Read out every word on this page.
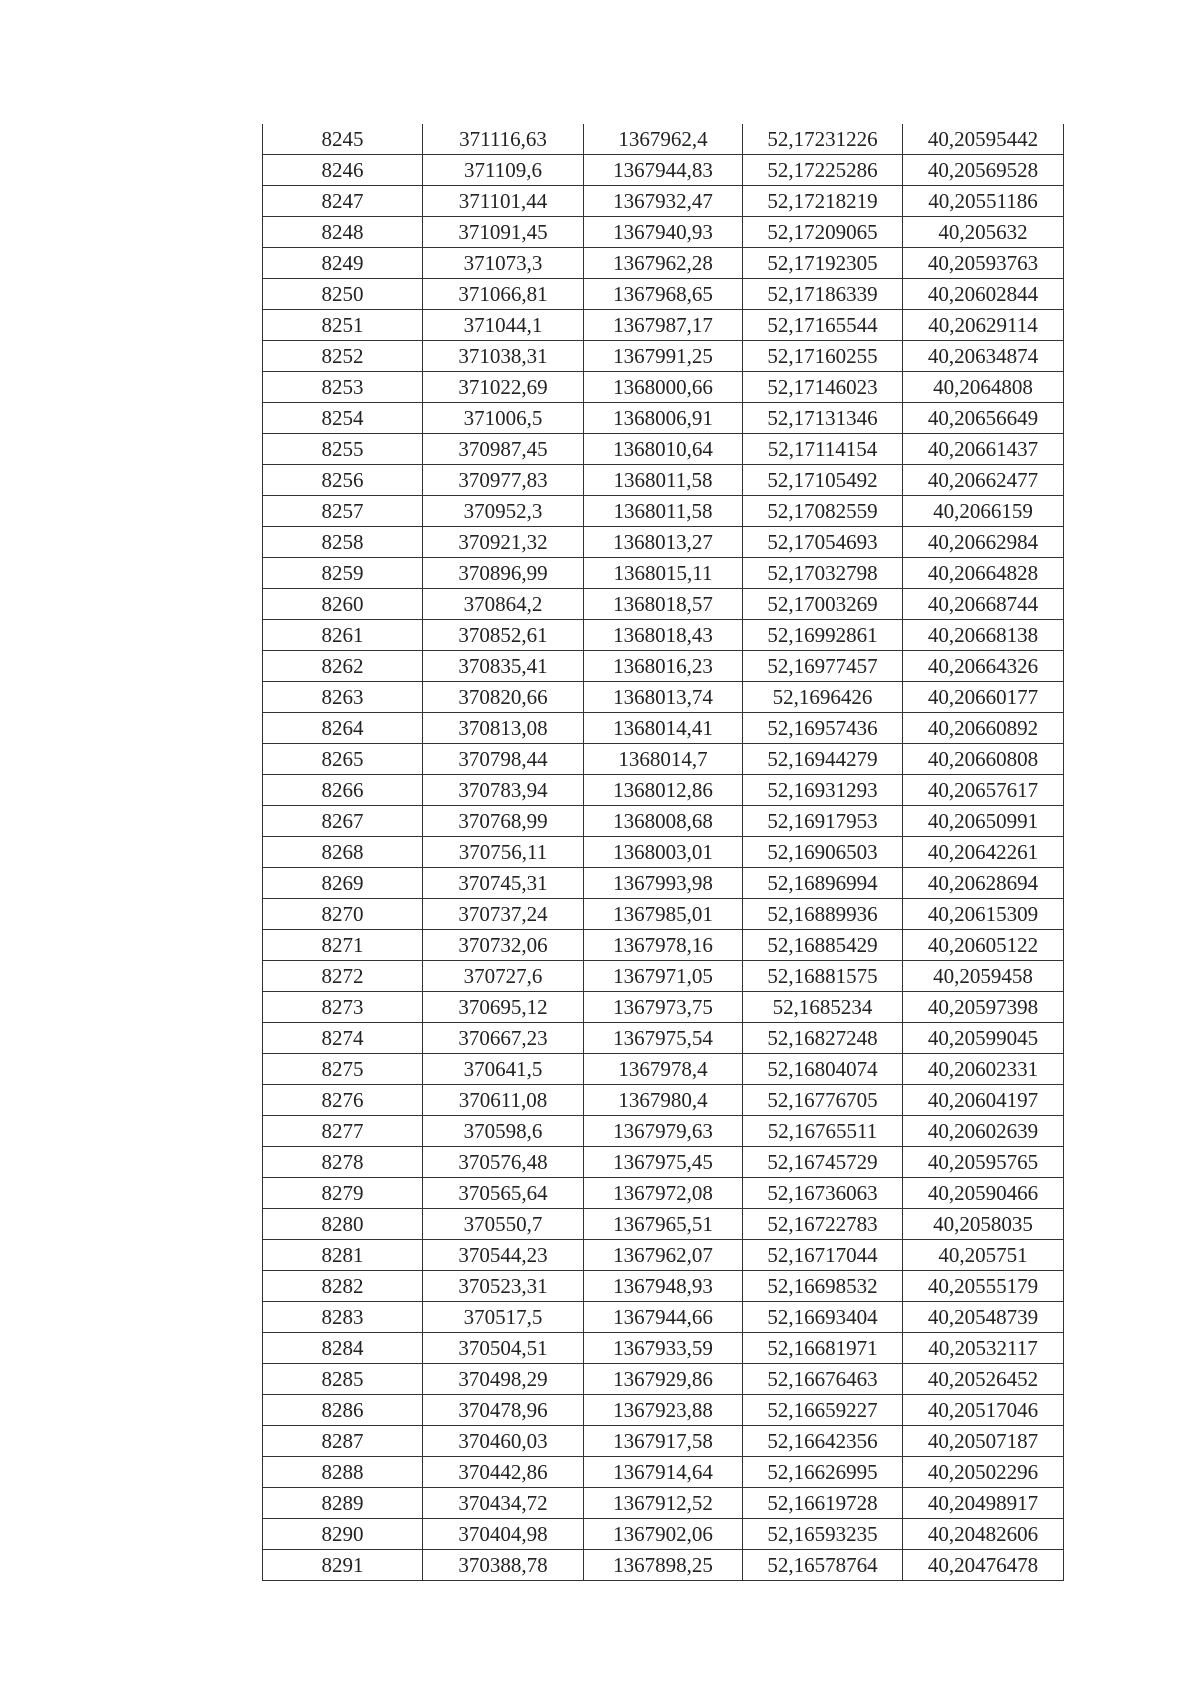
8245	371116,63	1367962,4	52,17231226	40,20595442
8246	371109,6	1367944,83	52,17225286	40,20569528
8247	371101,44	1367932,47	52,17218219	40,20551186
8248	371091,45	1367940,93	52,17209065	40,205632
8249	371073,3	1367962,28	52,17192305	40,20593763
8250	371066,81	1367968,65	52,17186339	40,20602844
8251	371044,1	1367987,17	52,17165544	40,20629114
8252	371038,31	1367991,25	52,17160255	40,20634874
8253	371022,69	1368000,66	52,17146023	40,2064808
8254	371006,5	1368006,91	52,17131346	40,20656649
8255	370987,45	1368010,64	52,17114154	40,20661437
8256	370977,83	1368011,58	52,17105492	40,20662477
8257	370952,3	1368011,58	52,17082559	40,2066159
8258	370921,32	1368013,27	52,17054693	40,20662984
8259	370896,99	1368015,11	52,17032798	40,20664828
8260	370864,2	1368018,57	52,17003269	40,20668744
8261	370852,61	1368018,43	52,16992861	40,20668138
8262	370835,41	1368016,23	52,16977457	40,20664326
8263	370820,66	1368013,74	52,1696426	40,20660177
8264	370813,08	1368014,41	52,16957436	40,20660892
8265	370798,44	1368014,7	52,16944279	40,20660808
8266	370783,94	1368012,86	52,16931293	40,20657617
8267	370768,99	1368008,68	52,16917953	40,20650991
8268	370756,11	1368003,01	52,16906503	40,20642261
8269	370745,31	1367993,98	52,16896994	40,20628694
8270	370737,24	1367985,01	52,16889936	40,20615309
8271	370732,06	1367978,16	52,16885429	40,20605122
8272	370727,6	1367971,05	52,16881575	40,2059458
8273	370695,12	1367973,75	52,1685234	40,20597398
8274	370667,23	1367975,54	52,16827248	40,20599045
8275	370641,5	1367978,4	52,16804074	40,20602331
8276	370611,08	1367980,4	52,16776705	40,20604197
8277	370598,6	1367979,63	52,16765511	40,20602639
8278	370576,48	1367975,45	52,16745729	40,20595765
8279	370565,64	1367972,08	52,16736063	40,20590466
8280	370550,7	1367965,51	52,16722783	40,2058035
8281	370544,23	1367962,07	52,16717044	40,205751
8282	370523,31	1367948,93	52,16698532	40,20555179
8283	370517,5	1367944,66	52,16693404	40,20548739
8284	370504,51	1367933,59	52,16681971	40,20532117
8285	370498,29	1367929,86	52,16676463	40,20526452
8286	370478,96	1367923,88	52,16659227	40,20517046
8287	370460,03	1367917,58	52,16642356	40,20507187
8288	370442,86	1367914,64	52,16626995	40,20502296
8289	370434,72	1367912,52	52,16619728	40,20498917
8290	370404,98	1367902,06	52,16593235	40,20482606
8291	370388,78	1367898,25	52,16578764	40,20476478
